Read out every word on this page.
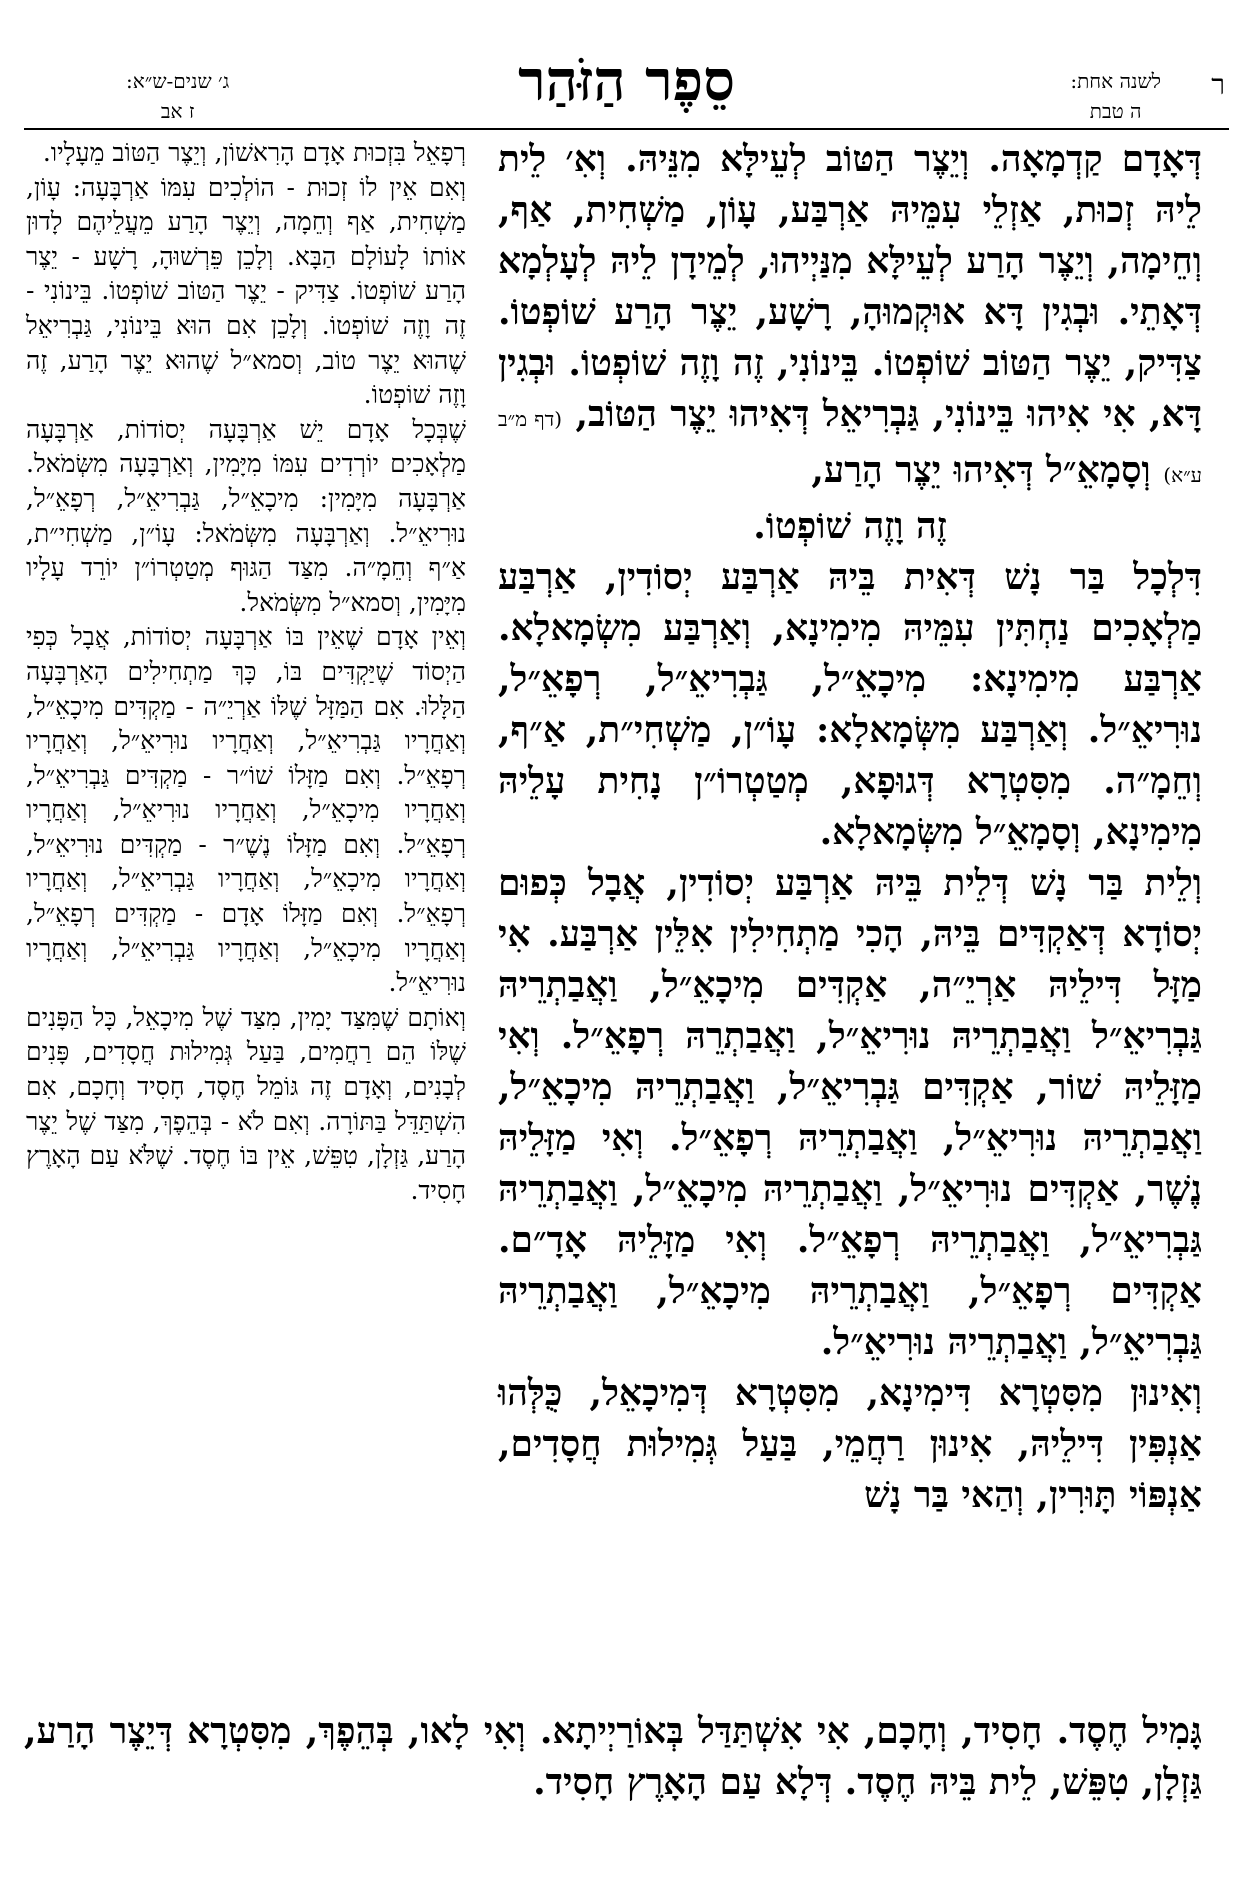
ר
לשנה אחת:
ה טבת
סֵפֶר הַזֹּהַר
ג׳ שנים-ש״א:
ז אב

דְּאָדָם קַדְמָאָה. וְיֵצֶר הַטּוֹב לְעֵילָּא מִנֵּיהּ. וְאִ׳ לֵית לֵיהּ זְכוּת, אַזְלֵי עִמֵּיהּ אַרְבַּע, עָוֹן, מַשְׁחִית, אַף, וְחֵימָה, וְיֵצֶר הָרַע לְעֵילָּא מִנַּיְיהוּ, לְמֵידָן לֵיהּ לְעָלְמָא דְּאָתֵי. וּבְגִין דָּא אוּקְמוּהָ, רָשָׁע, יֵצֶר הָרַע שׁוֹפְטוֹ. צַדִּיק, יֵצֶר הַטּוֹב שׁוֹפְטוֹ. בֵּינוֹנִי, זֶה וָזֶה שׁוֹפְטוֹ. וּבְגִין דָּא, אִי אִיהוּ בֵּינוֹנִי, גַּבְרִיאֵל דְּאִיהוּ יֵצֶר הַטּוֹב, (דף מ״ב ע״א) וְסָמָאֵ״ל דְּאִיהוּ יֵצֶר הָרַע,

זֶה וָזֶה שׁוֹפְטוֹ.

דִּלְכָל בַּר נָשׁ דְּאִית בֵּיהּ אַרְבַּע יְסוֹדִין, אַרְבַּע מַלְאָכִים נַחְתִּין עִמֵּיהּ מִימִינָא, וְאַרְבַּע מִשְׂמָאלָא. אַרְבַּע מִימִינָא: מִיכָאֵ״ל, גַּבְרִיאֵ״ל, רְפָאֵ״ל, נוּרִיאֵ״ל. וְאַרְבַּע מִשְּׂמָאלָא: עָוֹ״ן, מַשְׁחִי״ת, אַ״ף, וְחֵמָ״ה. מִסִּטְרָא דְּגוּפָא, מְטַטְרוֹ״ן נָחִית עָלֵיהּ מִימִינָא, וְסָמָאֵ״ל מִשְּׂמָאלָא.

וְלֵית בַּר נָשׁ דְּלֵית בֵּיהּ אַרְבַּע יְסוֹדִין, אֲבָל כְּפוּם יְסוֹדָא דְּאַקְדִּים בֵּיהּ, הָכִי מַתְחִילִין אִלֵּין אַרְבַּע. אִי מַזָּל דִּילֵיהּ אַרְיֵ״ה, אַקְדִּים מִיכָאֵ״ל, וַאֲבַתְרֵיהּ גַּבְרִיאֵ״ל וַאֲבַתְרֵיהּ נוּרִיאֵ״ל, וַאֲבַתְרֵהּ רְפָאֵ״ל. וְאִי מַזָּלֵיהּ שׁוֹר, אַקְדִּים גַּבְרִיאֵ״ל, וַאֲבַתְרֵיהּ מִיכָאֵ״ל, וַאֲבַתְרֵיהּ נוּרִיאֵ״ל, וַאֲבַתְרֵיהּ רְפָאֵ״ל. וְאִי מַזָּלֵיהּ נֶשֶׁר, אַקְדִּים נוּרִיאֵ״ל, וַאֲבַתְרֵיהּ מִיכָאֵ״ל, וַאֲבַתְרֵיהּ גַּבְרִיאֵ״ל, וַאֲבַתְרֵיהּ רְפָאֵ״ל. וְאִי מַזָּלֵיהּ אָדָ״ם. אַקְדִּים רְפָאֵ״ל, וַאֲבַתְרֵיהּ מִיכָאֵ״ל, וַאֲבַתְרֵיהּ גַּבְרִיאֵ״ל, וַאֲבַתְרֵיהּ נוּרִיאֵ״ל.

וְאִינוּן מִסִּטְרָא דִּימִינָא, מִסִּטְרָא דְּמִיכָאֵל, כֻּלְּהוּ אַנְפִּין דִּילֵיהּ, אִינוּן רַחֲמֵי, בַּעַל גְּמִילוּת חֲסָדִים, אַנְפּוֹי תָּוּרִין, וְהַאי בַּר נָשׁ

רְפָאֵל בִּזְכוּת אָדָם הָרִאשׁוֹן, וְיֵצֶר הַטּוֹב מֵעָלָיו.

וְאִם אֵין לוֹ זְכוּת - הוֹלְכִים עִמּוֹ אַרְבָּעָה: עָוֹן, מַשְׁחִית, אַף וְחֵמָה, וְיֵצֶר הָרַע מֵעֲלֵיהֶם לָדוּן אוֹתוֹ לָעוֹלָם הַבָּא. וְלָכֵן פֵּרְשׁוּהָ, רָשָׁע - יֵצֶר הָרַע שׁוֹפְטוֹ. צַדִּיק - יֵצֶר הַטּוֹב שׁוֹפְטוֹ. בֵּינוֹנִי - זֶה וָזֶה שׁוֹפְטוֹ. וְלָכֵן אִם הוּא בֵּינוֹנִי, גַּבְרִיאֵל שֶׁהוּא יֵצֶר טוֹב, וְסמא״ל שֶׁהוּא יֵצֶר הָרַע, זֶה וָזֶה שׁוֹפְטוֹ.

שֶׁבְּכָל אָדָם יֵשׁ אַרְבָּעָה יְסוֹדוֹת, אַרְבָּעָה מַלְאָכִים יוֹרְדִים עִמּוֹ מִיָּמִין, וְאַרְבָּעָה מִשְּׂמֹאל. אַרְבָּעָה מִיָּמִין: מִיכָאֵ״ל, גַּבְרִיאֵ״ל, רְפָאֵ״ל, נוּרִיאֵ״ל. וְאַרְבָּעָה מִשְּׂמֹאל: עָוֹ״ן, מַשְׁחִי״ת, אַ״ף וְחֵמָ״ה. מִצַּד הַגּוּף מְטַטְרוֹ״ן יוֹרֵד עָלָיו מִיָּמִין, וְסמא״ל מִשְּׂמֹאל.

וְאֵין אָדָם שֶׁאֵין בּוֹ אַרְבָּעָה יְסוֹדוֹת, אֲבָל כְּפִי הַיְסוֹד שֶׁיַּקְדִּים בּוֹ, כָּךְ מַתְחִילִים הָאַרְבָּעָה הַלָּלוּ. אִם הַמַּזָּל שֶׁלּוֹ אַרְיֵ״ה - מַקְדִּים מִיכָאֵ״ל, וְאַחֲרָיו גַּבְרִיאֵ״ל, וְאַחֲרָיו נוּרִיאֵ״ל, וְאַחֲרָיו רְפָאֵ״ל. וְאִם מַזָּלוֹ שׁוֹ״ר - מַקְדִּים גַּבְרִיאֵ״ל, וְאַחֲרָיו מִיכָאֵ״ל, וְאַחֲרָיו נוּרִיאֵ״ל, וְאַחֲרָיו רְפָאֵ״ל. וְאִם מַזָּלוֹ נֶשֶׁ״ר - מַקְדִּים נוּרִיאֵ״ל, וְאַחֲרָיו מִיכָאֵ״ל, וְאַחֲרָיו גַּבְרִיאֵ״ל, וְאַחֲרָיו רְפָאֵ״ל. וְאִם מַזָּלוֹ אָדָם - מַקְדִּים רְפָאֵ״ל, וְאַחֲרָיו מִיכָאֵ״ל, וְאַחֲרָיו גַּבְרִיאֵ״ל, וְאַחֲרָיו נוּרִיאֵ״ל.

וְאוֹתָם שֶׁמִּצַּד יָמִין, מִצַּד שֶׁל מִיכָאֵל, כָּל הַפָּנִים שֶׁלּוֹ הֵם רַחֲמִים, בַּעַל גְּמִילוּת חֲסָדִים, פָּנִים לְבָנִים, וְאָדָם זֶה גּוֹמֵל חֶסֶד, חָסִיד וְחָכָם, אִם הִשְׁתַּדֵּל בַּתּוֹרָה. וְאִם לֹא - בְּהֵפֶךְ, מִצַּד שֶׁל יֵצֶר הָרַע, גַּזְלָן, טִפֵּשׁ, אֵין בּוֹ חֶסֶד. שֶׁלֹּא עַם הָאָרֶץ חָסִיד.

גָּמִיל חֶסֶד. חָסִיד, וְחָכָם, אִי אִשְׁתַּדַּל בְּאוֹרַיְיתָא. וְאִי לָאו, בְּהֵפֶךְ, מִסִּטְרָא דְּיֵצֶר הָרַע, גַּזְלָן, טִפֵּשׁ, לֵית בֵּיהּ חֶסֶד. דְּלָא עַם הָאָרֶץ חָסִיד.
